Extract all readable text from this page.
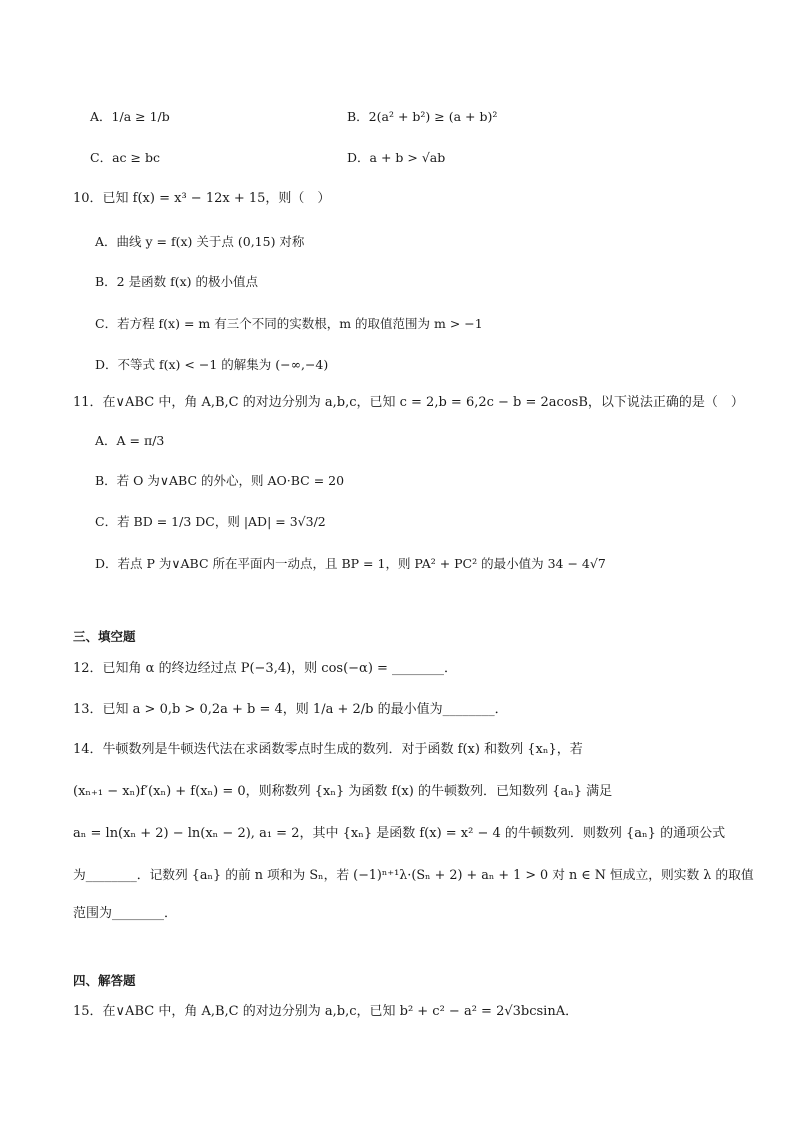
A．1/a ≥ 1/b	B．2(a² + b²) ≥ (a + b)²

C．ac ≥ bc	D．a + b > √ab

10．已知 f(x) = x³ − 12x + 15，则（　）

A．曲线 y = f(x) 关于点 (0,15) 对称

B．2 是函数 f(x) 的极小值点

C．若方程 f(x) = m 有三个不同的实数根，m 的取值范围为 m > −1

D．不等式 f(x) < −1 的解集为 (−∞,−4)

11．在∨ABC 中，角 A,B,C 的对边分别为 a,b,c，已知 c = 2,b = 6,2c − b = 2acosB，以下说法正确的是（　）

A．A = π/3

B．若 O 为∨ABC 的外心，则 AO·BC = 20

C．若 BD = 1/3 DC，则 |AD| = 3√3/2

D．若点 P 为∨ABC 所在平面内一动点，且 BP = 1，则 PA² + PC² 的最小值为 34 − 4√7

三、填空题

12．已知角 α 的终边经过点 P(−3,4)，则 cos(−α) = ________．

13．已知 a > 0,b > 0,2a + b = 4，则 1/a + 2/b 的最小值为________．

14．牛顿数列是牛顿迭代法在求函数零点时生成的数列．对于函数 f(x) 和数列 {xₙ}，若

(xₙ₊₁ − xₙ)f′(xₙ) + f(xₙ) = 0，则称数列 {xₙ} 为函数 f(x) 的牛顿数列．已知数列 {aₙ} 满足

aₙ = ln(xₙ + 2) − ln(xₙ − 2), a₁ = 2，其中 {xₙ} 是函数 f(x) = x² − 4 的牛顿数列．则数列 {aₙ} 的通项公式

为________．记数列 {aₙ} 的前 n 项和为 Sₙ，若 (−1)ⁿ⁺¹λ·(Sₙ + 2) + aₙ + 1 > 0 对 n ∈ N 恒成立，则实数 λ 的取值

范围为________．

四、解答题

15．在∨ABC 中，角 A,B,C 的对边分别为 a,b,c，已知 b² + c² − a² = 2√3bcsinA．
